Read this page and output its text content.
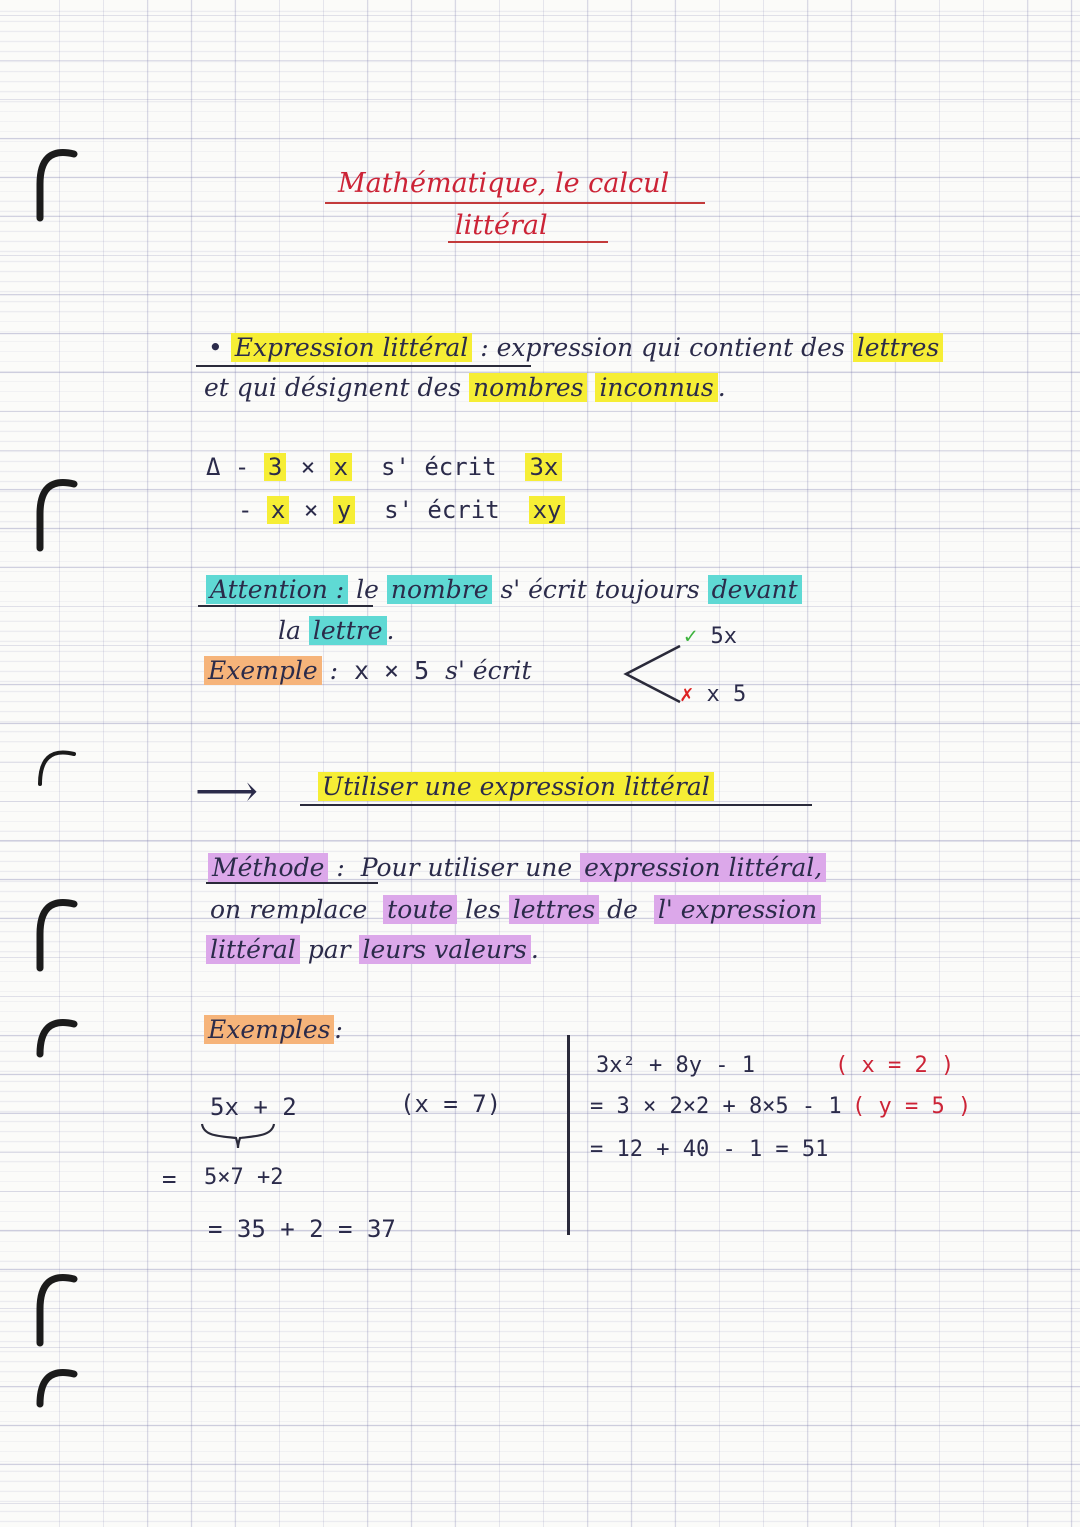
Mathématique, le calcul
littéral
• Expression littéral : expression qui contient des lettres
et qui désignent des nombres inconnus .
Δ - 3 × x s' écrit 3x
- x × y s' écrit xy
Attention : le nombre s' écrit toujours devant
la lettre .
Exemple : x × 5 s' écrit
✓ 5x
✗ x 5
⟶	Utiliser une expression littéral
Méthode : Pour utiliser une expression littéral,
on remplace toute les lettres de l' expression
littéral par leurs valeurs .
Exemples :
5x + 2	(x = 7)
= 5×7 +2
= 35 + 2 = 37
3x² + 8y - 1	( x = 2 )
= 3 × 2×2 + 8×5 - 1 ( y = 5 )
= 12 + 40 - 1 = 51
